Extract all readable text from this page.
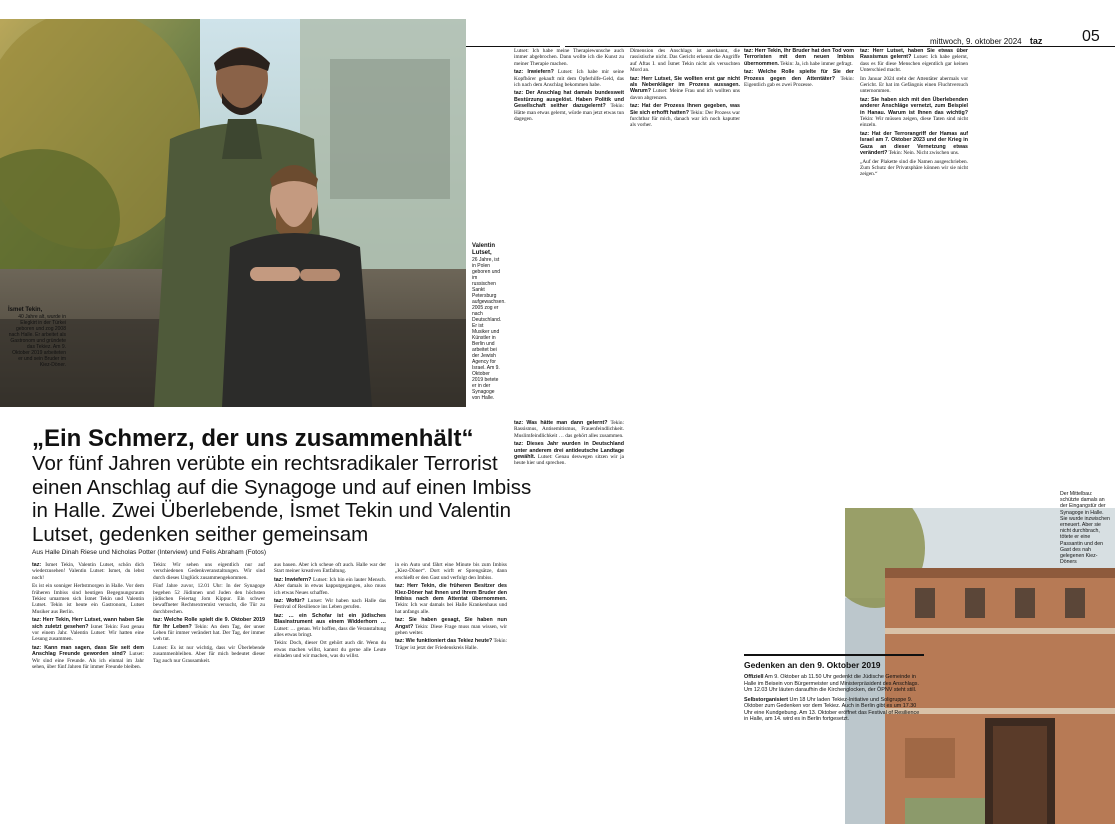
mittwoch, 9. oktober 2024 taz 05
İsmet Tekin,
40 Jahre alt, wurde in Elegkirt in der Türkei geboren und zog 2008 nach Halle. Er arbeitet als Gastronom und gründete das Tekiez. Am 9. Oktober 2019 arbeiteten er und sein Bruder im Kiez-Döner.
Valentin Lutset,
26 Jahre, ist in Polen geboren und im russischen Sankt Petersburg aufgewachsen. 2005 zog er nach Deutschland. Er ist Musiker und Künstler in Berlin und arbeitet bei der Jewish Agency for Israel. Am 9. Oktober 2019 betete er in der Synagoge von Halle.
„Ein Schmerz, der uns zusammenhält“
Vor fünf Jahren verübte ein rechtsradikaler Terrorist einen Anschlag auf die Synagoge und auf einen Imbiss in Halle. Zwei Überlebende, İsmet Tekin und Valentin Lutset, gedenken seither gemeinsam
Aus Halle Dinah Riese und Nicholas Potter (Interview) und Felis Abraham (Fotos)

taz: İsmet Tekin, Valentin Lutset, schön dich wiederzusehen! Valentin Lutset: Ismet, du lebst noch!

Es ist ein sonniger Herbstmorgen in Halle. Vor dem früheren Imbiss sind heutigen Begegnungsraum Tekiez umarmen sich İsmet Tekin und Valentin Lutset. Tekin ist heute ein Gastronom, Lutset Musiker aus Berlin.

taz: Herr Tekin, Herr Lutset, wann haben Sie sich zuletzt gesehen? Ismet Tekin: Fast genau vor einem Jahr. Valentin Lutset: Wir hatten eine Lesung zusammen.

taz: Kann man sagen, dass Sie seit dem Anschlag Freunde geworden sind? Lutset: Wir sind eine Freunde. Als ich einmal im Jahr sehen, über fünf Jahren für immer Freunde bleiben.

Tekin: Wir sehen uns eigentlich nur auf verschiedenen Gedenkveranstaltungen. Wir sind durch dieses Unglück zusammengekommen.

Fünf Jahre zuvor, 12.01 Uhr: In der Synagoge begehen 52 Jüdinnen und Juden den höchsten jüdischen Feiertag Jom Kippur. Ein schwer bewaffneter Rechtsextremist versucht, die Tür zu durchbrechen.

taz: Welche Rolle spielt die 9. Oktober 2019 für Ihr Leben? Tekin: An dem Tag, der unser Leben für immer verändert hat. Der Tag, der immer weh tut.

Lutset: Es ist nur wichtig, dass wir Überlebende zusammenbleiben. Aber für mich bedeutet dieser Tag auch nur Grausamkeit.

aus bauen. Aber ich scheue oft auch. Halle war der Start meiner kreativen Entfaltung.

taz: Inwiefern? Lutset: Ich bin ein lauter Mensch. Aber damals in etwas kapputgegangen, also muss ich etwas Neues schaffen.

taz: Wofür? Lutset: Wir haben nach Halle das Festival of Resilience ins Leben gerufen.

taz: … ein Schofar ist ein jüdisches Blasinstrument aus einem Widderhorn … Lutset: … genau. Wir hoffen, dass die Veranstaltung alles etwas bringt.

Tekin: Doch, dieser Ort gehört auch dir. Wenn du etwas machen willst, kannst du gerne alle Leute einladen und wir machen, was du willst.

in ein Auto und fährt eine Minute bis zum Imbiss „Kiez-Döner“. Dort wirft er Sprengsätze, dann erschießt er den Gast und verfolgt den Imbiss.

taz: Herr Tekin, die früheren Besitzer des Kiez-Döner hat Ihnen und Ihrem Bruder den Imbiss nach dem Attentat übernommen. Tekin: Ich war damals bei Halle Krankenhaus und hat anfangs alle.

taz: Sie haben gesagt, Sie haben nun Angst? Tekin: Diese Frage muss man wissen, wir gehen weiter.

taz: Wie funktioniert das Tekiez heute? Tekin: Träger ist jetzt der Friedenskreis Halle.

Lutset: Ich habe meine Therapiewunsche auch immer abgebrochen. Dann wollte ich die Kunst zu meiner Therapie machen.

taz: Inwiefern? Lutset: Ich habe mir seine Kopfhörer gekauft mit dem Opferhilfe-Geld, das ich nach dem Anschlag bekommen habe.

taz: Der Anschlag hat damals bundesweit Bestürzung ausgelöst. Haben Politik und Gesellschaft seither dazugelernt? Tekin: Hätte man etwas gelernt, würde man jetzt etwas tun dagegen.

taz: Was hätte man dann gelernt? Tekin: Rassismus, Antisemitismus, Frauenfeindlichkeit. Muslimfeindlichkeit … das gehört alles zusammen.

taz: Dieses Jahr wurden in Deutschland unter anderem drei antideutsche Landtage gewählt. Lutset: Genau deswegen sitzen wir ja heute hier und sprechen.

Dimension des Anschlags ist anerkannt, die rassistische nicht. Das Gericht erkennt die Angriffe auf Aftas I. und İsmet Tekin nicht als versuchten Mord an.

taz: Herr Lutset, Sie wollten erst gar nicht als Nebenkläger im Prozess aussagen. Warum? Lutset: Meine Frau und ich wollten uns davon abgrenzen.

taz: Hat der Prozess Ihnen gegeben, was Sie sich erhofft hatten? Tekin: Der Prozess war furchtbar für mich, danach war ich noch kaputter als vorher.

taz: Herr Tekin, Ihr Bruder hat den Tod vom Terroristen mit dem neuen Imbiss übernommen. Tekin: Ja, ich habe immer gefragt.

taz: Welche Rolle spielte für Sie der Prozess gegen den Attentäter? Tekin: Eigentlich gab es zwei Prozesse.

taz: Herr Lutset, haben Sie etwas über Rassismus gelernt? Lutset: Ich habe gelernt, dass es für diese Menschen eigentlich gar keinen Unterschied macht.

Im Januar 2024 steht der Attentäter abermals vor Gericht. Er hat im Gefängnis einen Fluchtversuch unternommen.

taz: Sie haben sich mit den Überlebenden anderer Anschläge vernetzt, zum Beispiel in Hanau. Warum ist Ihnen das wichtig? Tekin: Wir müssen zeigen, diese Taten sind nicht einzeln.

taz: Hat der Terrorangriff der Hamas auf Israel am 7. Oktober 2023 und der Krieg in Gaza an dieser Vernetzung etwas verändert? Tekin: Nein. Nicht zwischen uns.

„Auf der Plakette sind die Namen ausgeschrieben. Zum Schutz der Privatsphäre können wir sie nicht zeigen.“

Der Mittelbau: schützte damals an der Eingangstür der Synagoge in Halle. Sie wurde inzwischen erneuert. Aber sie nicht durchbrach, tötete er eine Passantin und den Gast des nah gelegenen Kiez-Döners
Gedenken an den 9. Oktober 2019

Offiziell Am 9. Oktober ab 11.50 Uhr gedenkt die Jüdische Gemeinde in Halle im Beisein von Bürgermeister und Ministerpräsident des Anschlags. Um 12.03 Uhr läuten daraufhin die Kirchenglocken, der ÖPNV steht still.

Selbstorganisiert Um 18 Uhr laden Tekiez-Initiative und Soligruppe 9. Oktober zum Gedenken vor dem Tekiez. Auch in Berlin gibt es um 17.30 Uhr eine Kundgebung. Am 13. Oktober eröffnet das Festival of Resilience in Halle, am 14. wird es in Berlin fortgesetzt.
